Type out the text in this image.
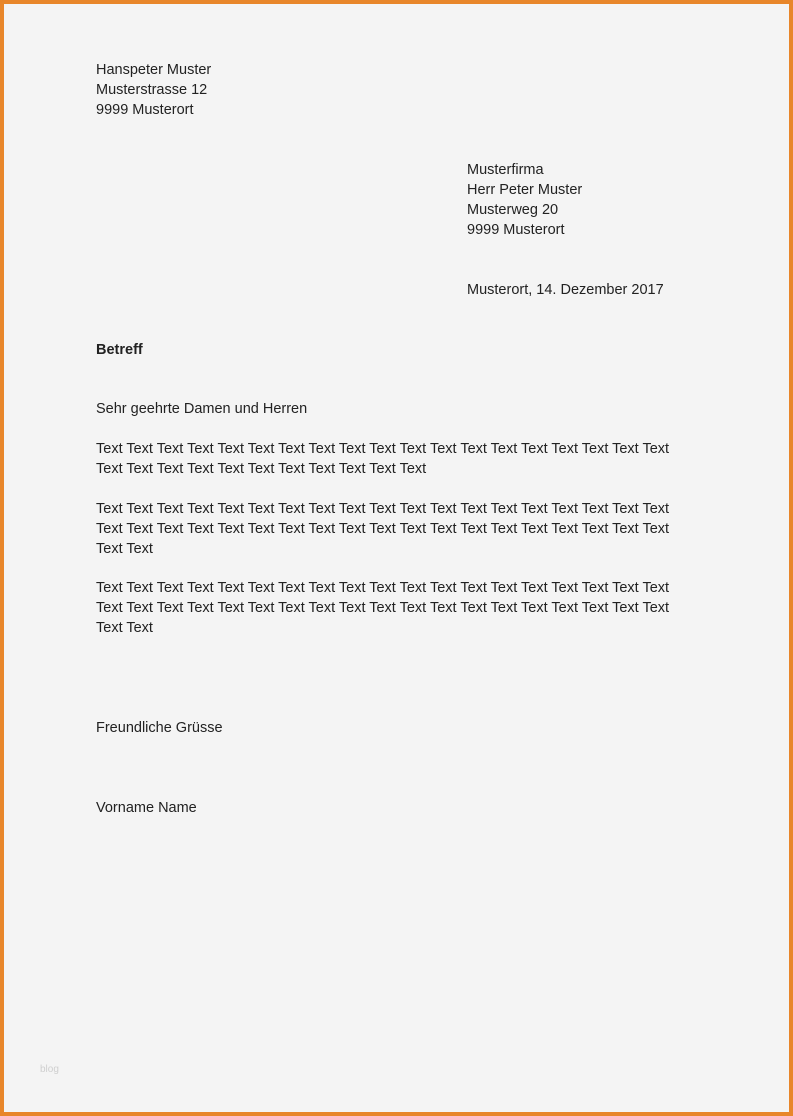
Hanspeter Muster
Musterstrasse 12
9999 Musterort
Musterfirma
Herr Peter Muster
Musterweg 20
9999 Musterort
Musterort, 14. Dezember 2017
Betreff
Sehr geehrte Damen und Herren
Text Text Text Text Text Text Text Text Text Text Text Text Text Text Text Text Text Text Text
Text Text Text Text Text Text Text Text Text Text Text
Text Text Text Text Text Text Text Text Text Text Text Text Text Text Text Text Text Text Text
Text Text Text Text Text Text Text Text Text Text Text Text Text Text Text Text Text Text Text
Text Text
Text Text Text Text Text Text Text Text Text Text Text Text Text Text Text Text Text Text Text
Text Text Text Text Text Text Text Text Text Text Text Text Text Text Text Text Text Text Text
Text Text
Freundliche Grüsse
Vorname Name
blog
